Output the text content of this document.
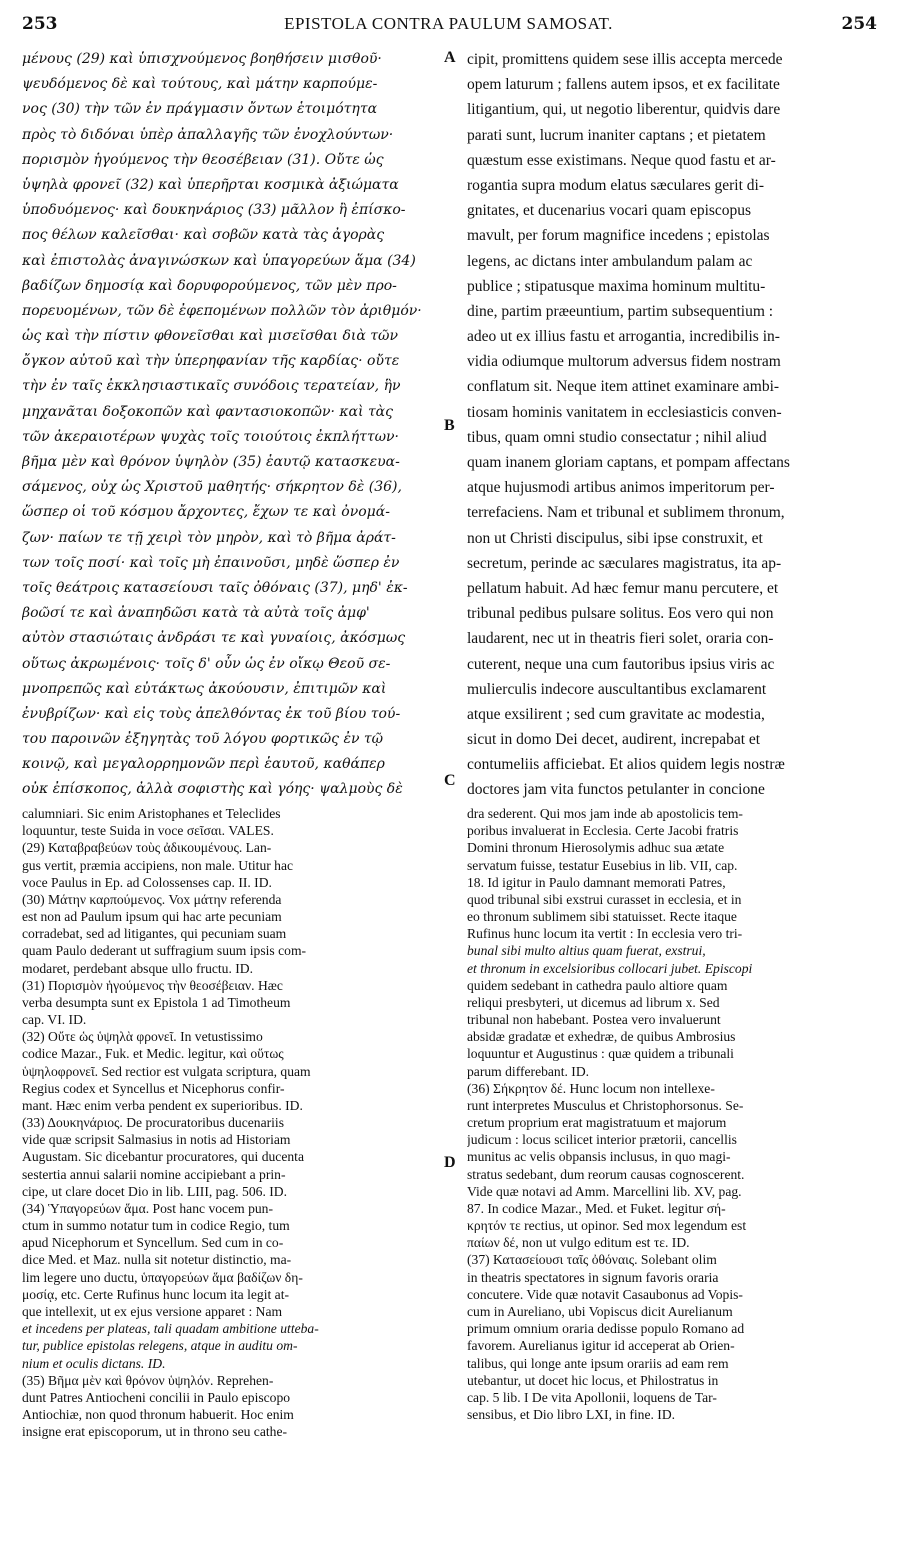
253	EPISTOLA CONTRA PAULUM SAMOSAT.	254
μένους (29) καὶ ὑπισχνούμενος βοηθήσειν μισθοῦ·
ψευδόμενος δὲ καὶ τούτους, καὶ μάτην καρπούμε-
νος (30) τὴν τῶν ἐν πράγμασιν ὄντων ἑτοιμότητα
πρὸς τὸ διδόναι ὑπὲρ ἀπαλλαγῆς τῶν ἐνοχλούντων·
πορισμὸν ἡγούμενος τὴν θεοσέβειαν (31). Οὔτε ὡς
ὑψηλὰ φρονεῖ (32) καὶ ὑπερῆρται κοσμικὰ ἀξιώματα
ὑποδυόμενος· καὶ δουκηνάριος (33) μᾶλλον ἢ ἐπίσκο-
πος θέλων καλεῖσθαι· καὶ σοβῶν κατὰ τὰς ἀγορὰς
καὶ ἐπιστολὰς ἀναγινώσκων καὶ ὑπαγορεύων ἅμα (34)
βαδίζων δημοσίᾳ καὶ δορυφορούμενος, τῶν μὲν προ-
πορευομένων, τῶν δὲ ἐφεπομένων πολλῶν τὸν ἀριθμόν·
ὡς καὶ τὴν πίστιν φθονεῖσθαι καὶ μισεῖσθαι διὰ τῶν
ὄγκον αὐτοῦ καὶ τὴν ὑπερηφανίαν τῆς καρδίας· οὔτε
τὴν ἐν ταῖς ἐκκλησιαστικαῖς συνόδοις τερατείαν, ἣν
μηχανᾶται δοξοκοπῶν καὶ φαντασιοκοπῶν· καὶ τὰς
τῶν ἀκεραιοτέρων ψυχὰς τοῖς τοιούτοις ἐκπλήττων·
βῆμα μὲν καὶ θρόνον ὑψηλὸν (35) ἑαυτῷ κατασκευα-
σάμενος, οὐχ ὡς Χριστοῦ μαθητής· σήκρητον δὲ (36),
ὥσπερ οἱ τοῦ κόσμου ἄρχοντες, ἔχων τε καὶ ὀνομά-
ζων· παίων τε τῇ χειρὶ τὸν μηρὸν, καὶ τὸ βῆμα ἀράτ-
των τοῖς ποσί· καὶ τοῖς μὴ ἐπαινοῦσι, μηδὲ ὥσπερ ἐν
τοῖς θεάτροις κατασείουσι ταῖς ὀθόναις (37), μηδ' ἐκ-
βοῶσί τε καὶ ἀναπηδῶσι κατὰ τὰ αὐτὰ τοῖς ἀμφ'
αὐτὸν στασιώταις ἀνδράσι τε καὶ γυναίοις, ἀκόσμως
οὕτως ἀκρωμένοις· τοῖς δ' οὖν ὡς ἐν οἴκῳ Θεοῦ σε-
μνοπρεπῶς καὶ εὐτάκτως ἀκούουσιν, ἐπιτιμῶν καὶ
ἐνυβρίζων· καὶ εἰς τοὺς ἀπελθόντας ἐκ τοῦ βίου τού-
του παροινῶν ἐξηγητὰς τοῦ λόγου φορτικῶς ἐν τῷ
κοινῷ, καὶ μεγαλορρημονῶν περὶ ἑαυτοῦ, καθάπερ
οὐκ ἐπίσκοπος, ἀλλὰ σοφιστὴς καὶ γόης· ψαλμοὺς δὲ
cipit, promittens quidem sese illis accepta mercede
opem laturum ; fallens autem ipsos, et ex facilitate
litigantium, qui, ut negotio liberentur, quidvis dare
parati sunt, lucrum inaniter captans ; et pietatem
quæstum esse existimans. Neque quod fastu et ar-
rogantia supra modum elatus sæculares gerit di-
gnitates, et ducenarius vocari quam episcopus
mavult, per forum magnifice incedens ; epistolas
legens, ac dictans inter ambulandum palam ac
publice ; stipatusque maxima hominum multitu-
dine, partim præeuntium, partim subsequentium :
adeo ut ex illius fastu et arrogantia, incredibilis in-
vidia odiumque multorum adversus fidem nostram
conflatum sit. Neque item attinet examinare ambi-
tiosam hominis vanitatem in ecclesiasticis conven-
tibus, quam omni studio consectatur ; nihil aliud
quam inanem gloriam captans, et pompam affectans
atque hujusmodi artibus animos imperitorum per-
terrefaciens. Nam et tribunal et sublimem thronum,
non ut Christi discipulus, sibi ipse construxit, et
secretum, perinde ac sæculares magistratus, ita ap-
pellatum habuit. Ad hæc femur manu percutere, et
tribunal pedibus pulsare solitus. Eos vero qui non
laudarent, nec ut in theatris fieri solet, oraria con-
cuterent, neque una cum fautoribus ipsius viris ac
mulierculis indecore auscultantibus exclamarent
atque exsilirent ; sed cum gravitate ac modestia,
sicut in domo Dei decet, audirent, increpabat et
contumeliis afficiebat. Et alios quidem legis nostræ
doctores jam vita functos petulanter in concione
A
B
C
D
calumniari. Sic enim Aristophanes et Teleclides
loquuntur, teste Suida in voce σεῖσαι. VALES.
(29) Καταβραβεύων τοὺς ἀδικουμένους. Lan-
gus vertit, præmia accipiens, non male. Utitur hac
voce Paulus in Ep. ad Colossenses cap. II. ID.
(30) Μάτην καρπούμενος. Vox μάτην referenda
est non ad Paulum ipsum qui hac arte pecuniam
corradebat, sed ad litigantes, qui pecuniam suam
quam Paulo dederant ut suffragium suum ipsis com-
modaret, perdebant absque ullo fructu. ID.
(31) Πορισμὸν ἡγούμενος τὴν θεοσέβειαν. Hæc
verba desumpta sunt ex Epistola 1 ad Timotheum
cap. VI. ID.
(32) Οὔτε ὡς ὑψηλὰ φρονεῖ. In vetustissimo
codice Mazar., Fuk. et Medic. legitur, καὶ οὕτως
ὑψηλοφρονεῖ. Sed rectior est vulgata scriptura, quam
Regius codex et Syncellus et Nicephorus confir-
mant. Hæc enim verba pendent ex superioribus. ID.
(33) Δουκηνάριος. De procuratoribus ducenariis
vide quæ scripsit Salmasius in notis ad Historiam
Augustam. Sic dicebantur procuratores, qui ducenta
sestertia annui salarii nomine accipiebant a prin-
cipe, ut clare docet Dio in lib. LIII, pag. 506. ID.
(34) Ὑπαγορεύων ἅμα. Post hanc vocem pun-
ctum in summo notatur tum in codice Regio, tum
apud Nicephorum et Syncellum. Sed cum in co-
dice Med. et Maz. nulla sit notetur distinctio, ma-
lim legere uno ductu, ὑπαγορεύων ἅμα βαδίζων δη-
μοσίᾳ, etc. Certe Rufinus hunc locum ita legit at-
que intellexit, ut ex ejus versione apparet : Nam
et incedens per plateas, tali quadam ambitione utteba-
tur, publice epistolas relegens, atque in auditu om-
nium et oculis dictans. ID.
(35) Βῆμα μὲν καὶ θρόνον ὑψηλόν. Reprehen-
dunt Patres Antiocheni concilii in Paulo episcopo
Antiochiæ, non quod thronum habuerit. Hoc enim
insigne erat episcoporum, ut in throno seu cathe-
dra sederent. Qui mos jam inde ab apostolicis tem-
poribus invaluerat in Ecclesia. Certe Jacobi fratris
Domini thronum Hierosolymis adhuc sua ætate
servatum fuisse, testatur Eusebius in lib. VII, cap.
18. Id igitur in Paulo damnant memorati Patres,
quod tribunal sibi exstrui curasset in ecclesia, et in
eo thronum sublimem sibi statuisset. Recte itaque
Rufinus hunc locum ita vertit : In ecclesia vero tri-
bunal sibi multo altius quam fuerat, exstrui,
et thronum in excelsioribus collocari jubet. Episcopi
quidem sedebant in cathedra paulo altiore quam
reliqui presbyteri, ut dicemus ad librum x. Sed
tribunal non habebant. Postea vero invaluerunt
absidæ gradatæ et exhedræ, de quibus Ambrosius
loquuntur et Augustinus : quæ quidem a tribunali
parum differebant. ID.
(36) Σήκρητον δέ. Hunc locum non intellexe-
runt interpretes Musculus et Christophorsonus. Se-
cretum proprium erat magistratuum et majorum
judicum : locus scilicet interior prætorii, cancellis
munitus ac velis obpansis inclusus, in quo magi-
stratus sedebant, dum reorum causas cognoscerent.
Vide quæ notavi ad Amm. Marcellini lib. XV, pag.
87. In codice Mazar., Med. et Fuket. legitur σή-
κρητόν τε rectius, ut opinor. Sed mox legendum est
παίων δέ, non ut vulgo editum est τε. ID.
(37) Κατασείουσι ταῖς ὀθόναις. Solebant olim
in theatris spectatores in signum favoris oraria
concutere. Vide quæ notavit Casaubonus ad Vopis-
cum in Aureliano, ubi Vopiscus dicit Aurelianum
primum omnium oraria dedisse populo Romano ad
favorem. Aurelianus igitur id acceperat ab Orien-
talibus, qui longe ante ipsum orariis ad eam rem
utebantur, ut docet hic locus, et Philostratus in
cap. 5 lib. I De vita Apollonii, loquens de Tar-
sensibus, et Dio libro LXI, in fine. ID.
